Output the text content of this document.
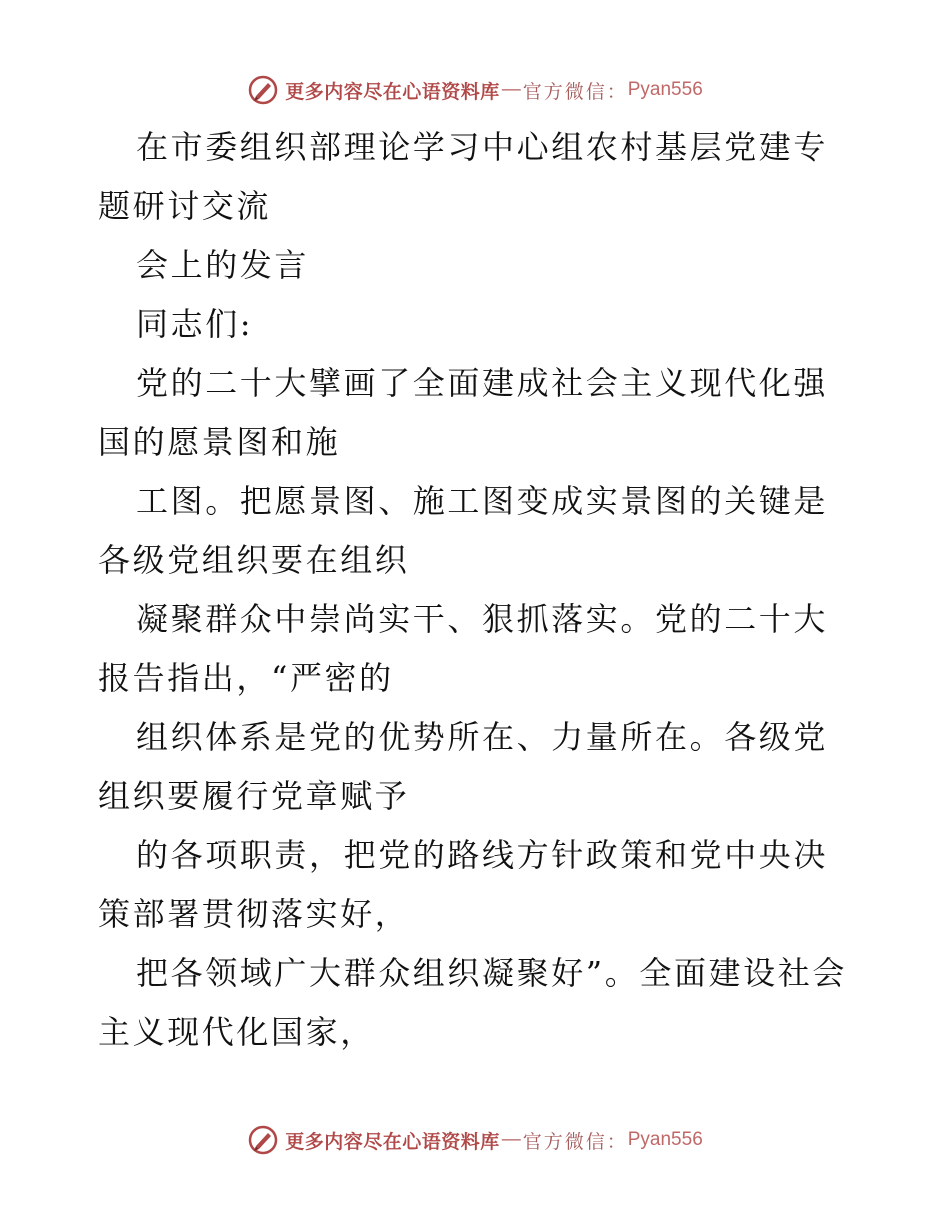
更多内容尽在心语资料库 — 官方微信： Pyan556

在市委组织部理论学习中心组农村基层党建专题研讨交流

会上的发言

同志们:

党的二十大擘画了全面建成社会主义现代化强国的愿景图和施

工图。把愿景图、施工图变成实景图的关键是各级党组织要在组织

凝聚群众中崇尚实干、狠抓落实。党的二十大报告指出，“严密的

组织体系是党的优势所在、力量所在。各级党组织要履行党章赋予

的各项职责，把党的路线方针政策和党中央决策部署贯彻落实好，

把各领域广大群众组织凝聚好”。全面建设社会主义现代化国家，

更多内容尽在心语资料库 — 官方微信： Pyan556
